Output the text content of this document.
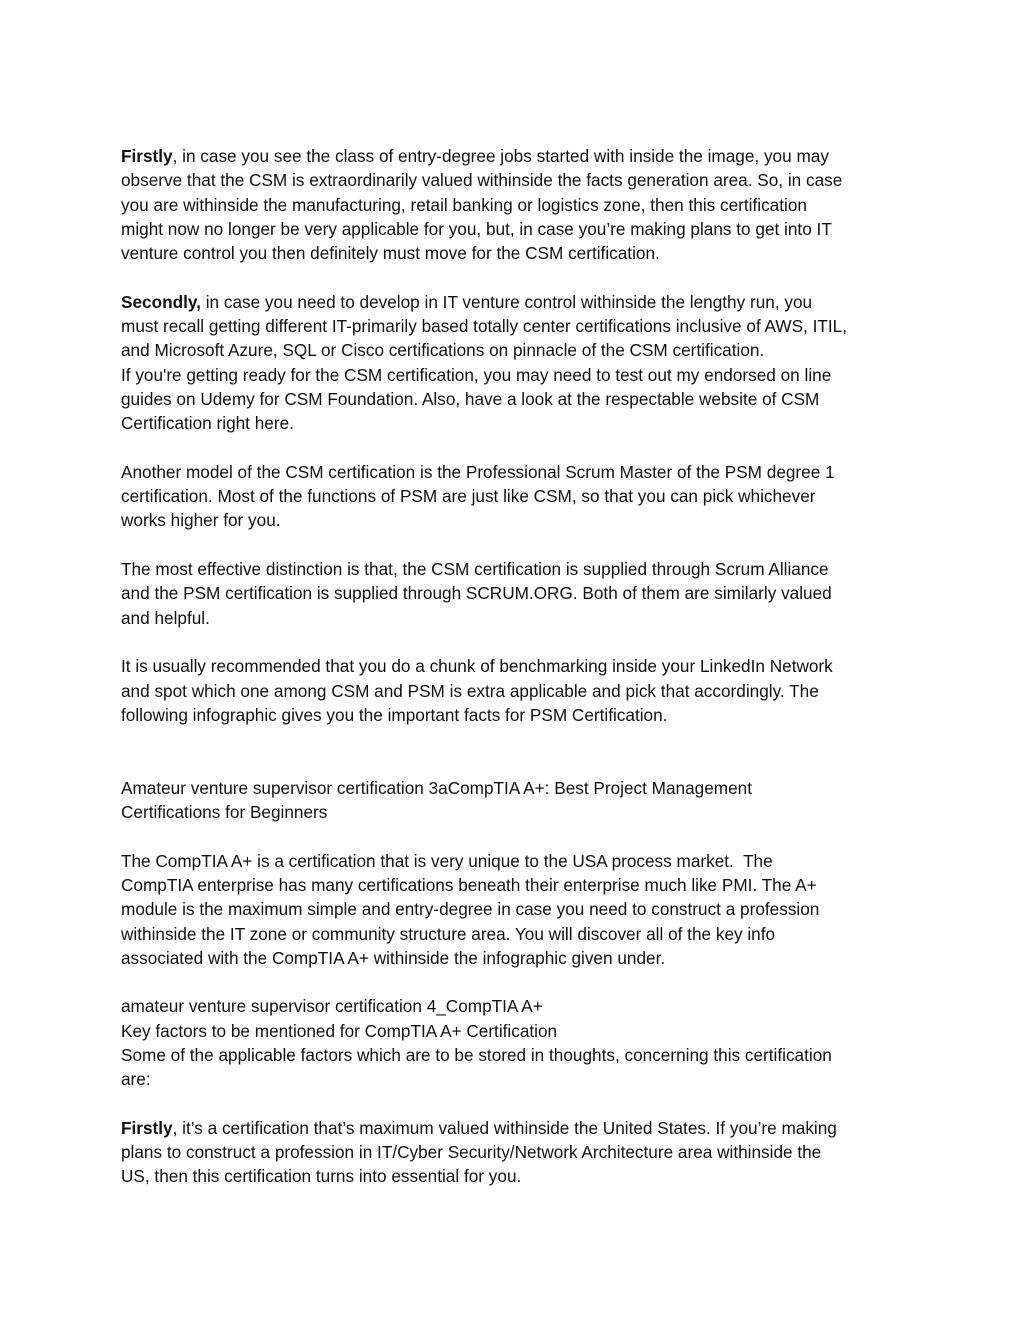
Firstly, in case you see the class of entry-degree jobs started with inside the image, you may
observe that the CSM is extraordinarily valued withinside the facts generation area. So, in case
you are withinside the manufacturing, retail banking or logistics zone, then this certification
might now no longer be very applicable for you, but, in case you’re making plans to get into IT
venture control you then definitely must move for the CSM certification.

Secondly, in case you need to develop in IT venture control withinside the lengthy run, you
must recall getting different IT-primarily based totally center certifications inclusive of AWS, ITIL,
and Microsoft Azure, SQL or Cisco certifications on pinnacle of the CSM certification.
If you're getting ready for the CSM certification, you may need to test out my endorsed on line
guides on Udemy for CSM Foundation. Also, have a look at the respectable website of CSM
Certification right here.

Another model of the CSM certification is the Professional Scrum Master of the PSM degree 1
certification. Most of the functions of PSM are just like CSM, so that you can pick whichever
works higher for you.

The most effective distinction is that, the CSM certification is supplied through Scrum Alliance
and the PSM certification is supplied through SCRUM.ORG. Both of them are similarly valued
and helpful.

It is usually recommended that you do a chunk of benchmarking inside your LinkedIn Network
and spot which one among CSM and PSM is extra applicable and pick that accordingly. The
following infographic gives you the important facts for PSM Certification.

Amateur venture supervisor certification 3aCompTIA A+: Best Project Management
Certifications for Beginners

The CompTIA A+ is a certification that is very unique to the USA process market.  The
CompTIA enterprise has many certifications beneath their enterprise much like PMI. The A+
module is the maximum simple and entry-degree in case you need to construct a profession
withinside the IT zone or community structure area. You will discover all of the key info
associated with the CompTIA A+ withinside the infographic given under.

amateur venture supervisor certification 4_CompTIA A+
Key factors to be mentioned for CompTIA A+ Certification
Some of the applicable factors which are to be stored in thoughts, concerning this certification
are:

Firstly, it’s a certification that’s maximum valued withinside the United States. If you’re making
plans to construct a profession in IT/Cyber Security/Network Architecture area withinside the
US, then this certification turns into essential for you.
